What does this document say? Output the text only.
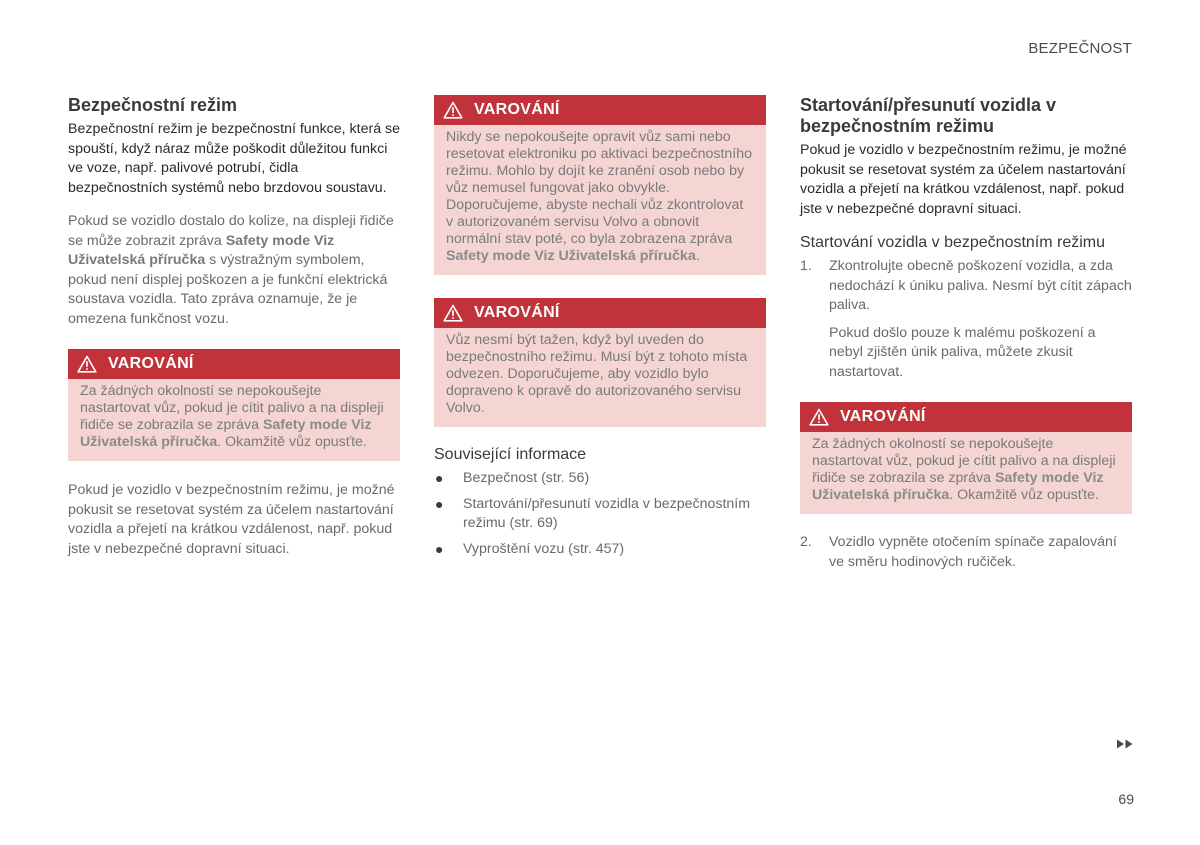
BEZPEČNOST
Bezpečnostní režim

Bezpečnostní režim je bezpečnostní funkce, která se spouští, když náraz může poškodit důležitou funkci ve voze, např. palivové potrubí, čidla bezpečnostních systémů nebo brzdovou soustavu.

Pokud se vozidlo dostalo do kolize, na displeji řidiče se může zobrazit zpráva Safety mode Viz Uživatelská příručka s výstražným symbolem, pokud není displej poškozen a je funkční elektrická soustava vozidla. Tato zpráva oznamuje, že je omezena funkčnost vozu.

VAROVÁNÍ
Za žádných okolností se nepokoušejte nastartovat vůz, pokud je cítit palivo a na displeji řidiče se zobrazila se zpráva Safety mode Viz Uživatelská příručka. Okamžitě vůz opusťte.

Pokud je vozidlo v bezpečnostním režimu, je možné pokusit se resetovat systém za účelem nastartování vozidla a přejetí na krátkou vzdálenost, např. pokud jste v nebezpečné dopravní situaci.

VAROVÁNÍ
Nikdy se nepokoušejte opravit vůz sami nebo resetovat elektroniku po aktivaci bezpečnostního režimu. Mohlo by dojít ke zranění osob nebo by vůz nemusel fungovat jako obvykle. Doporučujeme, abyste nechali vůz zkontrolovat v autorizovaném servisu Volvo a obnovit normální stav poté, co byla zobrazena zpráva Safety mode Viz Uživatelská příručka.
VAROVÁNÍ
Vůz nesmí být tažen, když byl uveden do bezpečnostního režimu. Musí být z tohoto místa odvezen. Doporučujeme, aby vozidlo bylo dopraveno k opravě do autorizovaného servisu Volvo.
Související informace
● Bezpečnost (str. 56)
● Startování/přesunutí vozidla v bezpečnostním režimu (str. 69)
● Vyproštění vozu (str. 457)
Startování/přesunutí vozidla v bezpečnostním režimu

Pokud je vozidlo v bezpečnostním režimu, je možné pokusit se resetovat systém za účelem nastartování vozidla a přejetí na krátkou vzdálenost, např. pokud jste v nebezpečné dopravní situaci.

Startování vozidla v bezpečnostním režimu
1. Zkontrolujte obecně poškození vozidla, a zda nedochází k úniku paliva. Nesmí být cítit zápach paliva.
Pokud došlo pouze k malému poškození a nebyl zjištěn únik paliva, můžete zkusit nastartovat.
VAROVÁNÍ
Za žádných okolností se nepokoušejte nastartovat vůz, pokud je cítit palivo a na displeji řidiče se zobrazila se zpráva Safety mode Viz Uživatelská příručka. Okamžitě vůz opusťte.
2. Vozidlo vypněte otočením spínače zapalování ve směru hodinových ručiček.
69
